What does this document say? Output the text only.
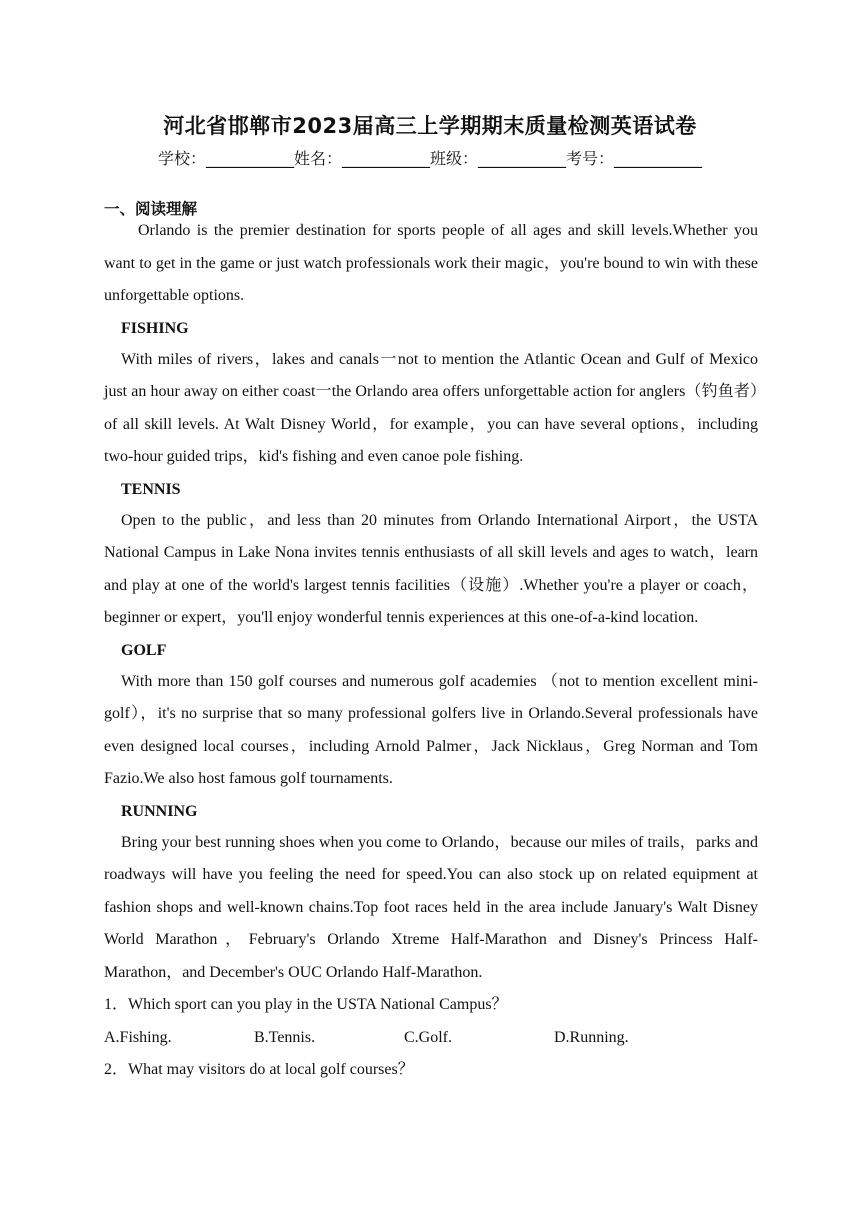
河北省邯郸市2023届高三上学期期末质量检测英语试卷
学校：___________姓名：___________班级：___________考号：___________
一、阅读理解

Orlando is the premier destination for sports people of all ages and skill levels.Whether you want to get in the game or just watch professionals work their magic，you're bound to win with these unforgettable options.

FISHING

With miles of rivers，lakes and canals一not to mention the Atlantic Ocean and Gulf of Mexico just an hour away on either coast一the Orlando area offers unforgettable action for anglers（钓鱼者）of all skill levels. At Walt Disney World，for example，you can have several options，including two-hour guided trips，kid's fishing and even canoe pole fishing.

TENNIS

Open to the public，and less than 20 minutes from Orlando International Airport，the USTA National Campus in Lake Nona invites tennis enthusiasts of all skill levels and ages to watch，learn and play at one of the world's largest tennis facilities（设施）.Whether you're a player or coach，beginner or expert，you'll enjoy wonderful tennis experiences at this one-of-a-kind location.

GOLF

With more than 150 golf courses and numerous golf academies （not to mention excellent mini-golf），it's no surprise that so many professional golfers live in Orlando.Several professionals have even designed local courses，including Arnold Palmer，Jack Nicklaus，Greg Norman and Tom Fazio.We also host famous golf tournaments.

RUNNING

Bring your best running shoes when you come to Orlando，because our miles of trails，parks and roadways will have you feeling the need for speed.You can also stock up on related equipment at fashion shops and well-known chains.Top foot races held in the area include January's Walt Disney World Marathon，February's Orlando Xtreme Half-Marathon and Disney's Princess Half-Marathon，and December's OUC Orlando Half-Marathon.

1．Which sport can you play in the USTA National Campus？
A.Fishing.	B.Tennis.	C.Golf.	D.Running.
2．What may visitors do at local golf courses？
